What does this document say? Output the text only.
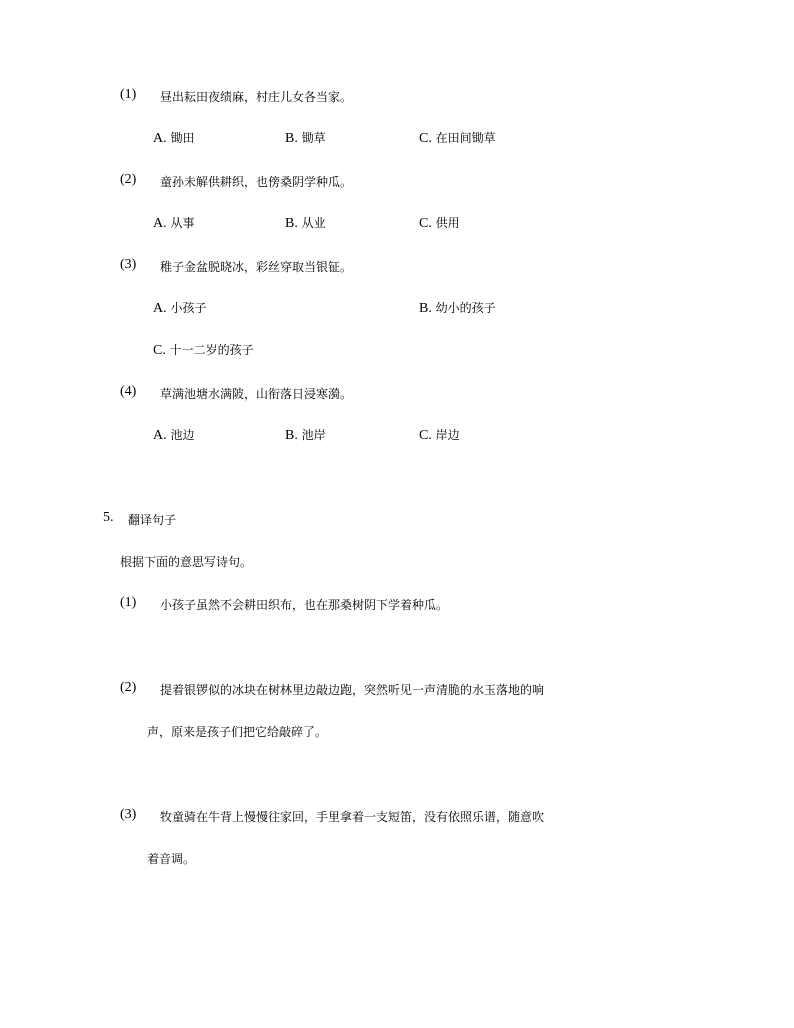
(1) 昼出耘田夜绩麻，村庄儿女各当家。
A. 锄田	B. 锄草	C. 在田间锄草
(2) 童孙未解供耕织，也傍桑阴学种瓜。
A. 从事	B. 从业	C. 供用
(3) 稚子金盆脱晓冰，彩丝穿取当银钲。
A. 小孩子	B. 幼小的孩子
C. 十一二岁的孩子
(4) 草满池塘水满陂，山衔落日浸寒漪。
A. 池边	B. 池岸	C. 岸边
5. 翻译句子
根据下面的意思写诗句。
(1) 小孩子虽然不会耕田织布，也在那桑树阴下学着种瓜。
(2) 提着银锣似的冰块在树林里边敲边跑，突然听见一声清脆的水玉落地的响
声，原来是孩子们把它给敲碎了。
(3) 牧童骑在牛背上慢慢往家回，手里拿着一支短笛，没有依照乐谱，随意吹
着音调。
